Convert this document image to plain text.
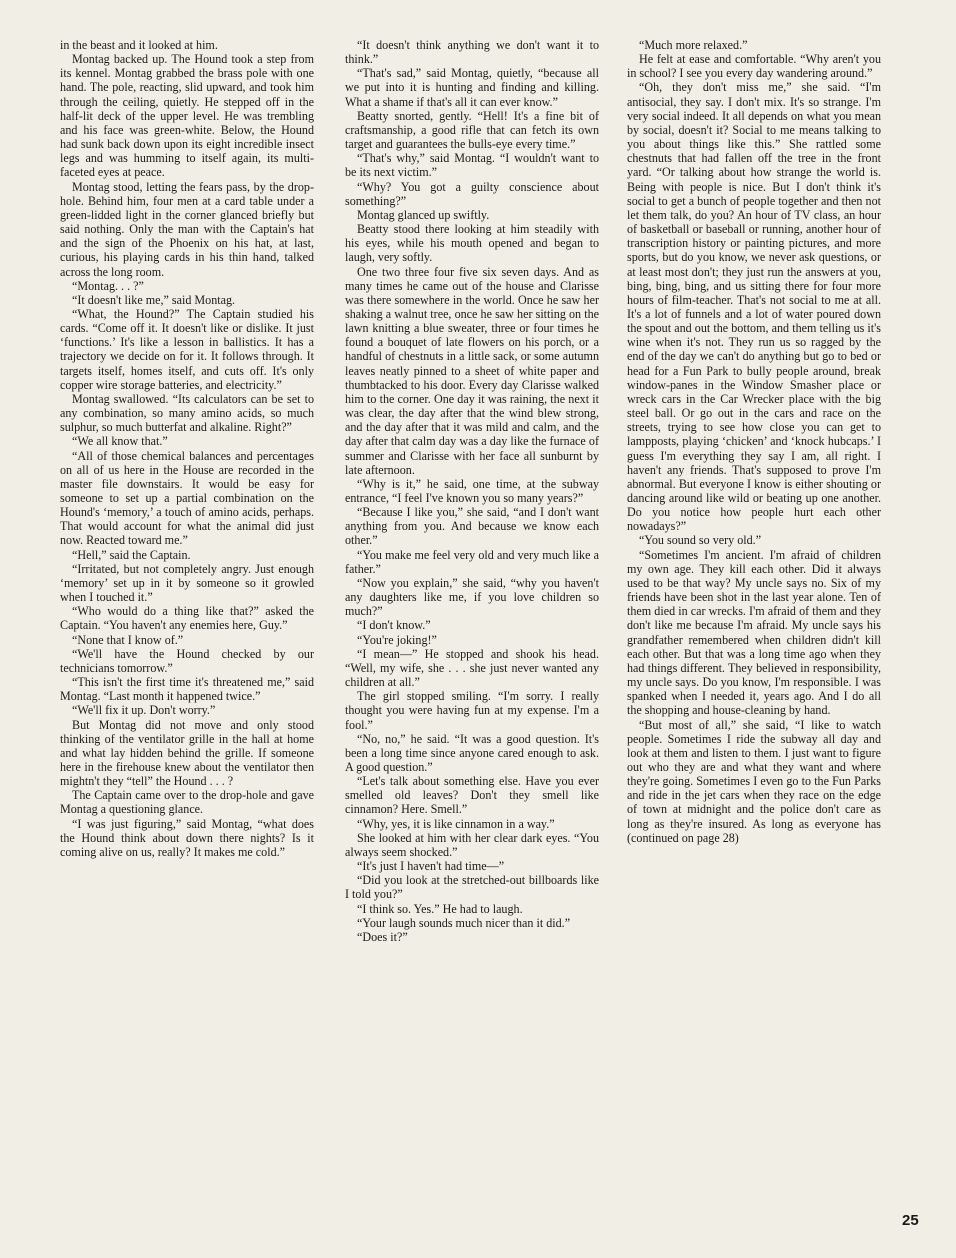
in the beast and it looked at him.

Montag backed up. The Hound took a step from its kennel. Montag grabbed the brass pole with one hand. The pole, reacting, slid upward, and took him through the ceiling, quietly. He stepped off in the half-lit deck of the upper level. He was trembling and his face was green-white. Below, the Hound had sunk back down upon its eight incredible insect legs and was humming to itself again, its multi-faceted eyes at peace.

Montag stood, letting the fears pass, by the drop-hole. Behind him, four men at a card table under a green-lidded light in the corner glanced briefly but said nothing. Only the man with the Captain's hat and the sign of the Phoenix on his hat, at last, curious, his playing cards in his thin hand, talked across the long room.

“Montag. . . ?”

“It doesn't like me,” said Montag.

“What, the Hound?” The Captain studied his cards. “Come off it. It doesn't like or dislike. It just ‘functions.’ It's like a lesson in ballistics. It has a trajectory we decide on for it. It follows through. It targets itself, homes itself, and cuts off. It's only copper wire storage batteries, and electricity.”

Montag swallowed. “Its calculators can be set to any combination, so many amino acids, so much sulphur, so much butterfat and alkaline. Right?”

“We all know that.”

“All of those chemical balances and percentages on all of us here in the House are recorded in the master file downstairs. It would be easy for someone to set up a partial combination on the Hound's ‘memory,’ a touch of amino acids, perhaps. That would account for what the animal did just now. Reacted toward me.”

“Hell,” said the Captain.

“Irritated, but not completely angry. Just enough ‘memory’ set up in it by someone so it growled when I touched it.”

“Who would do a thing like that?” asked the Captain. “You haven't any enemies here, Guy.”

“None that I know of.”

“We'll have the Hound checked by our technicians tomorrow.”

“This isn't the first time it's threatened me,” said Montag. “Last month it happened twice.”

“We'll fix it up. Don't worry.”

But Montag did not move and only stood thinking of the ventilator grille in the hall at home and what lay hidden behind the grille. If someone here in the firehouse knew about the ventilator then mightn't they “tell” the Hound . . . ?

The Captain came over to the drop-hole and gave Montag a questioning glance.

“I was just figuring,” said Montag, “what does the Hound think about down there nights? Is it coming alive on us, really? It makes me cold.”

“It doesn't think anything we don't want it to think.”

“That's sad,” said Montag, quietly, “because all we put into it is hunting and finding and killing. What a shame if that's all it can ever know.”

Beatty snorted, gently. “Hell! It's a fine bit of craftsmanship, a good rifle that can fetch its own target and guarantees the bulls-eye every time.”

“That's why,” said Montag. “I wouldn't want to be its next victim.”

“Why? You got a guilty conscience about something?”

Montag glanced up swiftly.

Beatty stood there looking at him steadily with his eyes, while his mouth opened and began to laugh, very softly.

One two three four five six seven days. And as many times he came out of the house and Clarisse was there somewhere in the world. Once he saw her shaking a walnut tree, once he saw her sitting on the lawn knitting a blue sweater, three or four times he found a bouquet of late flowers on his porch, or a handful of chestnuts in a little sack, or some autumn leaves neatly pinned to a sheet of white paper and thumbtacked to his door. Every day Clarisse walked him to the corner. One day it was raining, the next it was clear, the day after that the wind blew strong, and the day after that it was mild and calm, and the day after that calm day was a day like the furnace of summer and Clarisse with her face all sunburnt by late afternoon.

“Why is it,” he said, one time, at the subway entrance, “I feel I've known you so many years?”

“Because I like you,” she said, “and I don't want anything from you. And because we know each other.”

“You make me feel very old and very much like a father.”

“Now you explain,” she said, “why you haven't any daughters like me, if you love children so much?”

“I don't know.”

“You're joking!”

“I mean—” He stopped and shook his head. “Well, my wife, she . . . she just never wanted any children at all.”

The girl stopped smiling. “I'm sorry. I really thought you were having fun at my expense. I'm a fool.”

“No, no,” he said. “It was a good question. It's been a long time since anyone cared enough to ask. A good question.”

“Let's talk about something else. Have you ever smelled old leaves? Don't they smell like cinnamon? Here. Smell.”

“Why, yes, it is like cinnamon in a way.”

She looked at him with her clear dark eyes. “You always seem shocked.”

“It's just I haven't had time—”

“Did you look at the stretched-out billboards like I told you?”

“I think so. Yes.” He had to laugh.

“Your laugh sounds much nicer than it did.”

“Does it?”

“Much more relaxed.”

He felt at ease and comfortable. “Why aren't you in school? I see you every day wandering around.”

“Oh, they don't miss me,” she said. “I'm antisocial, they say. I don't mix. It's so strange. I'm very social indeed. It all depends on what you mean by social, doesn't it? Social to me means talking to you about things like this.” She rattled some chestnuts that had fallen off the tree in the front yard. “Or talking about how strange the world is. Being with people is nice. But I don't think it's social to get a bunch of people together and then not let them talk, do you? An hour of TV class, an hour of basketball or baseball or running, another hour of transcription history or painting pictures, and more sports, but do you know, we never ask questions, or at least most don't; they just run the answers at you, bing, bing, bing, and us sitting there for four more hours of film-teacher. That's not social to me at all. It's a lot of funnels and a lot of water poured down the spout and out the bottom, and them telling us it's wine when it's not. They run us so ragged by the end of the day we can't do anything but go to bed or head for a Fun Park to bully people around, break window-panes in the Window Smasher place or wreck cars in the Car Wrecker place with the big steel ball. Or go out in the cars and race on the streets, trying to see how close you can get to lampposts, playing ‘chicken’ and ‘knock hubcaps.’ I guess I'm everything they say I am, all right. I haven't any friends. That's supposed to prove I'm abnormal. But everyone I know is either shouting or dancing around like wild or beating up one another. Do you notice how people hurt each other nowadays?”

“You sound so very old.”

“Sometimes I'm ancient. I'm afraid of children my own age. They kill each other. Did it always used to be that way? My uncle says no. Six of my friends have been shot in the last year alone. Ten of them died in car wrecks. I'm afraid of them and they don't like me because I'm afraid. My uncle says his grandfather remembered when children didn't kill each other. But that was a long time ago when they had things different. They believed in responsibility, my uncle says. Do you know, I'm responsible. I was spanked when I needed it, years ago. And I do all the shopping and house-cleaning by hand.

“But most of all,” she said, “I like to watch people. Sometimes I ride the subway all day and look at them and listen to them. I just want to figure out who they are and what they want and where they're going. Sometimes I even go to the Fun Parks and ride in the jet cars when they race on the edge of town at midnight and the police don't care as long as they're insured. As long as everyone has (continued on page 28)

25
